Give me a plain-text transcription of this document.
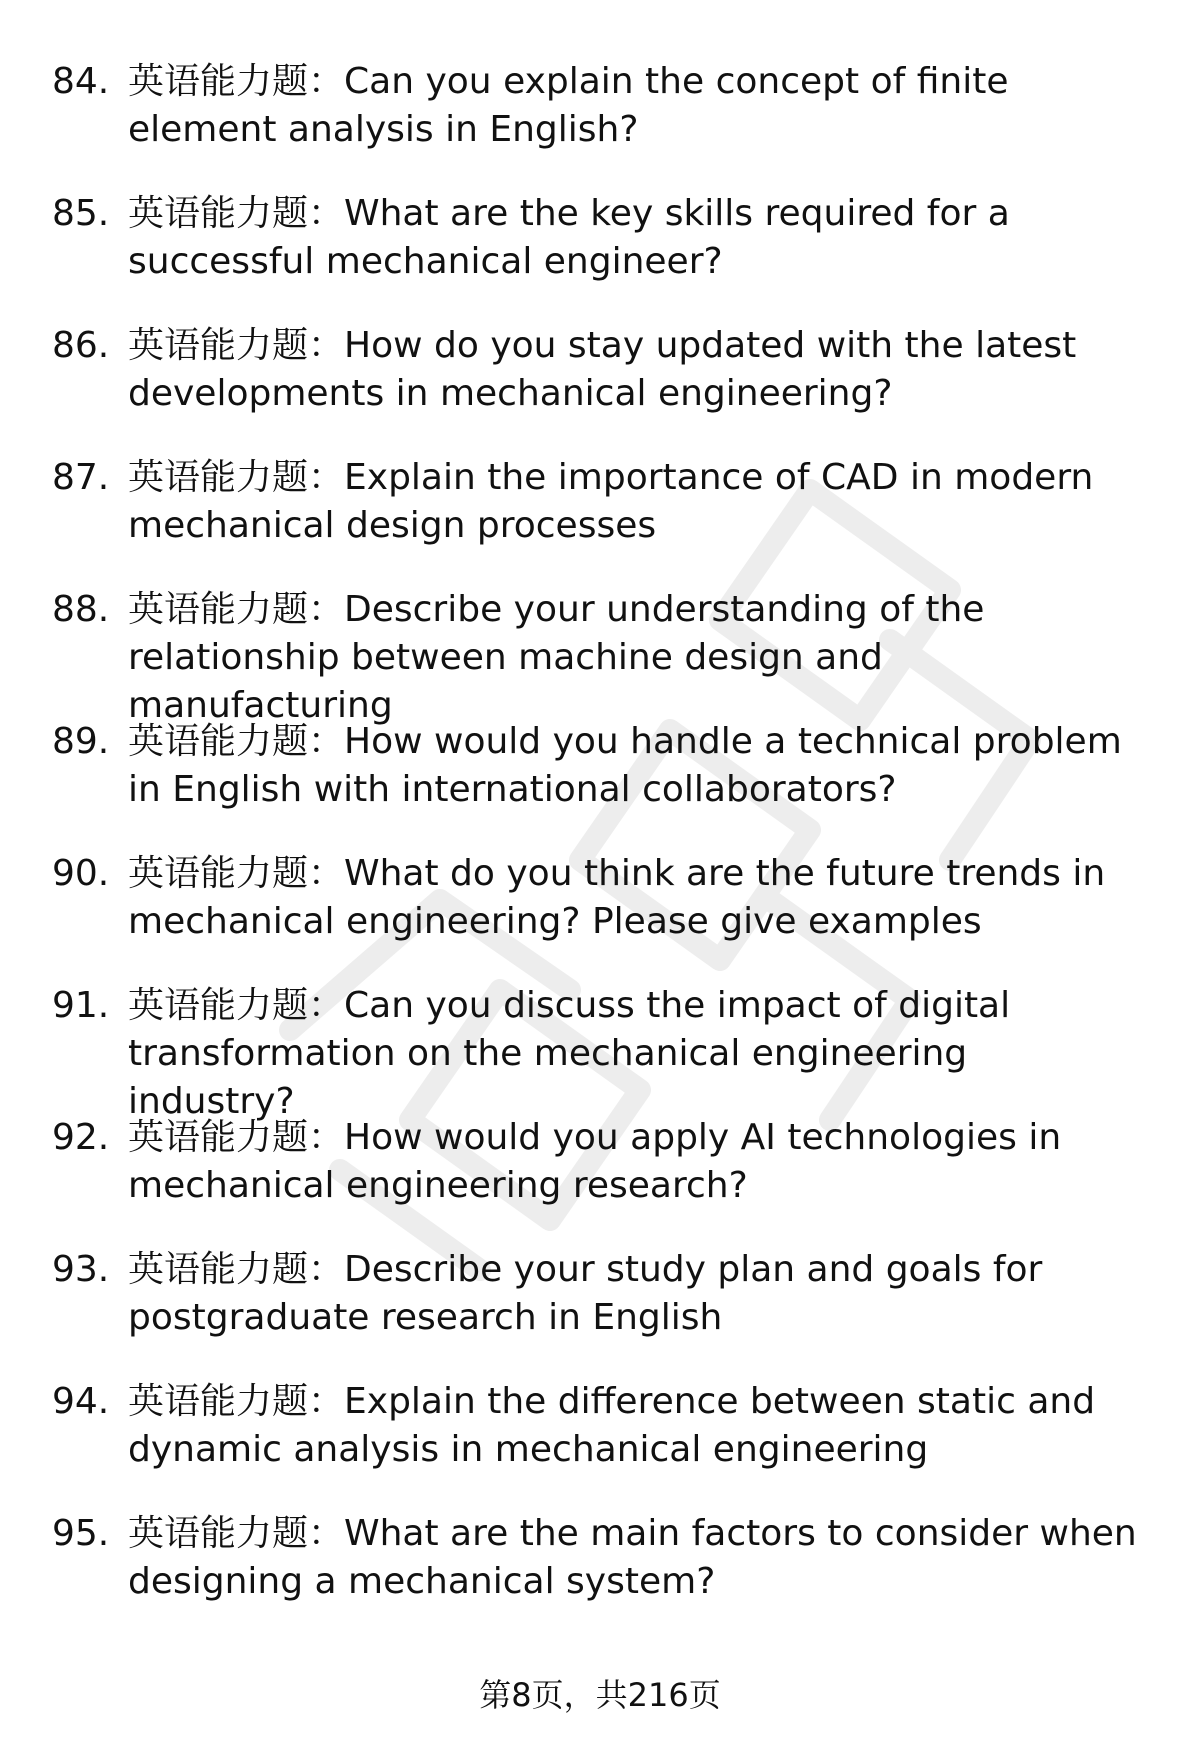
84. 英语能力题：Can you explain the concept of finite element analysis in English?
85. 英语能力题：What are the key skills required for a successful mechanical engineer?
86. 英语能力题：How do you stay updated with the latest developments in mechanical engineering?
87. 英语能力题：Explain the importance of CAD in modern mechanical design processes
88. 英语能力题：Describe your understanding of the relationship between machine design and manufacturing
89. 英语能力题：How would you handle a technical problem in English with international collaborators?
90. 英语能力题：What do you think are the future trends in mechanical engineering? Please give examples
91. 英语能力题：Can you discuss the impact of digital transformation on the mechanical engineering industry?
92. 英语能力题：How would you apply AI technologies in mechanical engineering research?
93. 英语能力题：Describe your study plan and goals for postgraduate research in English
94. 英语能力题：Explain the difference between static and dynamic analysis in mechanical engineering
95. 英语能力题：What are the main factors to consider when designing a mechanical system?
第8页，共216页
